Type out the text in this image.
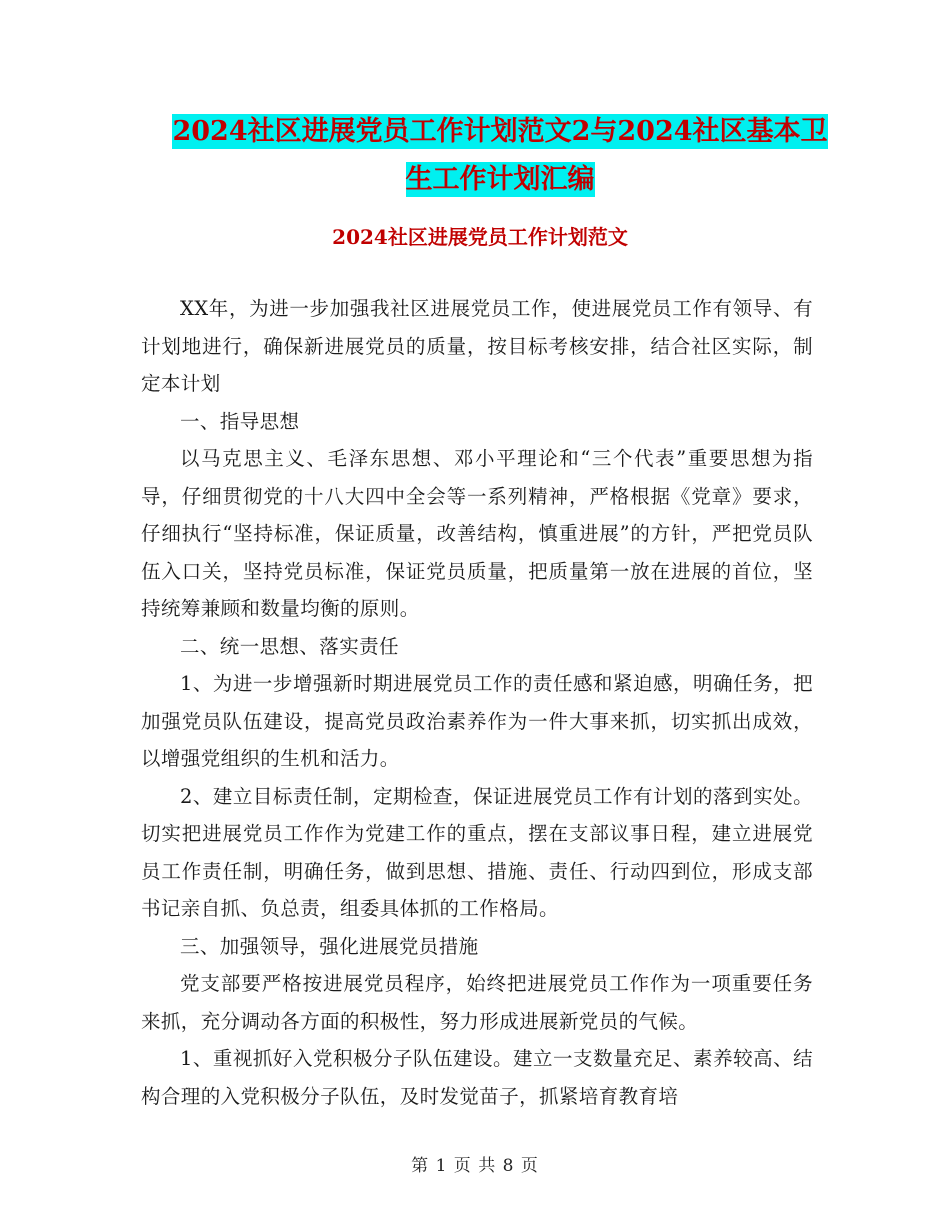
2024社区进展党员工作计划范文2与2024社区基本卫
生工作计划汇编
2024社区进展党员工作计划范文

XX年，为进一步加强我社区进展党员工作，使进展党员工作有领导、有计划地进行，确保新进展党员的质量，按目标考核安排，结合社区实际，制定本计划

一、指导思想

以马克思主义、毛泽东思想、邓小平理论和“三个代表”重要思想为指导，仔细贯彻党的十八大四中全会等一系列精神，严格根据《党章》要求，仔细执行“坚持标准，保证质量，改善结构，慎重进展”的方针，严把党员队伍入口关，坚持党员标准，保证党员质量，把质量第一放在进展的首位，坚持统筹兼顾和数量均衡的原则。

二、统一思想、落实责任

1、为进一步增强新时期进展党员工作的责任感和紧迫感，明确任务，把加强党员队伍建设，提高党员政治素养作为一件大事来抓，切实抓出成效，以增强党组织的生机和活力。

2、建立目标责任制，定期检查，保证进展党员工作有计划的落到实处。切实把进展党员工作作为党建工作的重点，摆在支部议事日程，建立进展党员工作责任制，明确任务，做到思想、措施、责任、行动四到位，形成支部书记亲自抓、负总责，组委具体抓的工作格局。

三、加强领导，强化进展党员措施

党支部要严格按进展党员程序，始终把进展党员工作作为一项重要任务来抓，充分调动各方面的积极性，努力形成进展新党员的气候。

1、重视抓好入党积极分子队伍建设。建立一支数量充足、素养较高、结构合理的入党积极分子队伍，及时发觉苗子，抓紧培育教育培

第 1 页 共 8 页
